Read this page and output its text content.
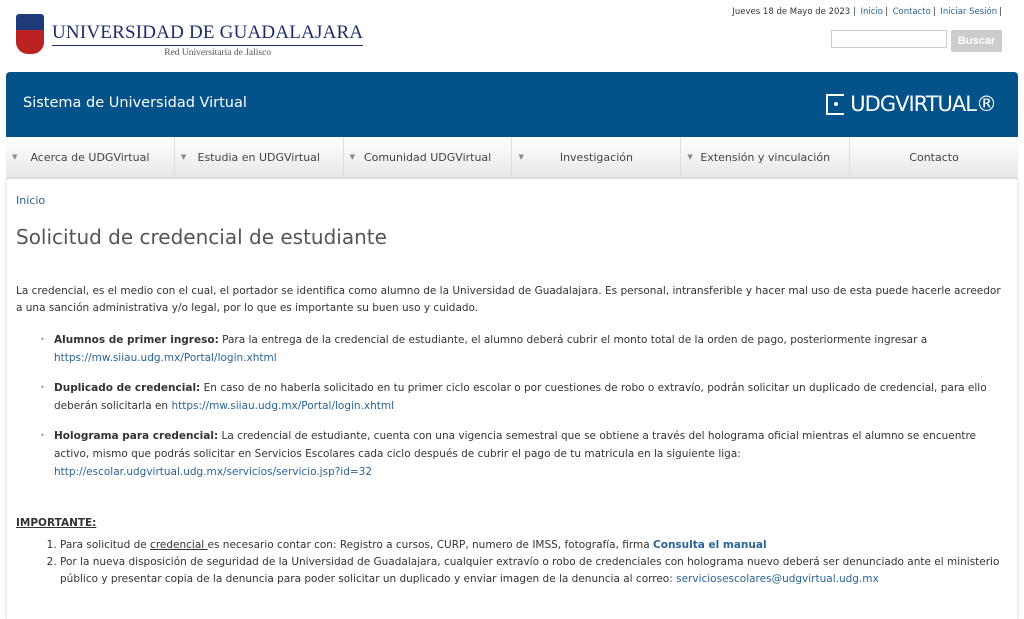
UNIVERSIDAD DE GUADALAJARA
Red Universitaria de Jalisco
Jueves 18 de Mayo de 2023 | Inicio | Contacto | Iniciar Sesión |
Buscar
Sistema de Universidad Virtual	UDGVIRTUAL®
▼ Acerca de UDGVirtual	▼ Estudia en UDGVirtual	▼ Comunidad UDGVirtual	▼	Investigación	▼ Extensión y vinculación	Contacto
Inicio
Solicitud de credencial de estudiante

La credencial, es el medio con el cual, el portador se identifica como alumno de la Universidad de Guadalajara. Es personal, intransferible y hacer mal uso de esta puede hacerle acreedor a una sanción administrativa y/o legal, por lo que es importante su buen uso y cuidado.

• Alumnos de primer ingreso: Para la entrega de la credencial de estudiante, el alumno deberá cubrir el monto total de la orden de pago, posteriormente ingresar a https://mw.siiau.udg.mx/Portal/login.xhtml
• Duplicado de credencial: En caso de no haberla solicitado en tu primer ciclo escolar o por cuestiones de robo o extravío, podrán solicitar un duplicado de credencial, para ello deberán solicitarla en https://mw.siiau.udg.mx/Portal/login.xhtml
• Holograma para credencial: La credencial de estudiante, cuenta con una vigencia semestral que se obtiene a través del holograma oficial mientras el alumno se encuentre activo, mismo que podrás solicitar en Servicios Escolares cada ciclo después de cubrir el pago de tu matricula en la siguiente liga: http://escolar.udgvirtual.udg.mx/servicios/servicio.jsp?id=32
IMPORTANTE:
1. Para solicitud de credencial es necesario contar con: Registro a cursos, CURP, numero de IMSS, fotografía, firma Consulta el manual
2. Por la nueva disposición de seguridad de la Universidad de Guadalajara, cualquier extravío o robo de credenciales con holograma nuevo deberá ser denunciado ante el ministerio público y presentar copia de la denuncia para poder solicitar un duplicado y enviar imagen de la denuncia al correo: serviciosescolares@udgvirtual.udg.mx
